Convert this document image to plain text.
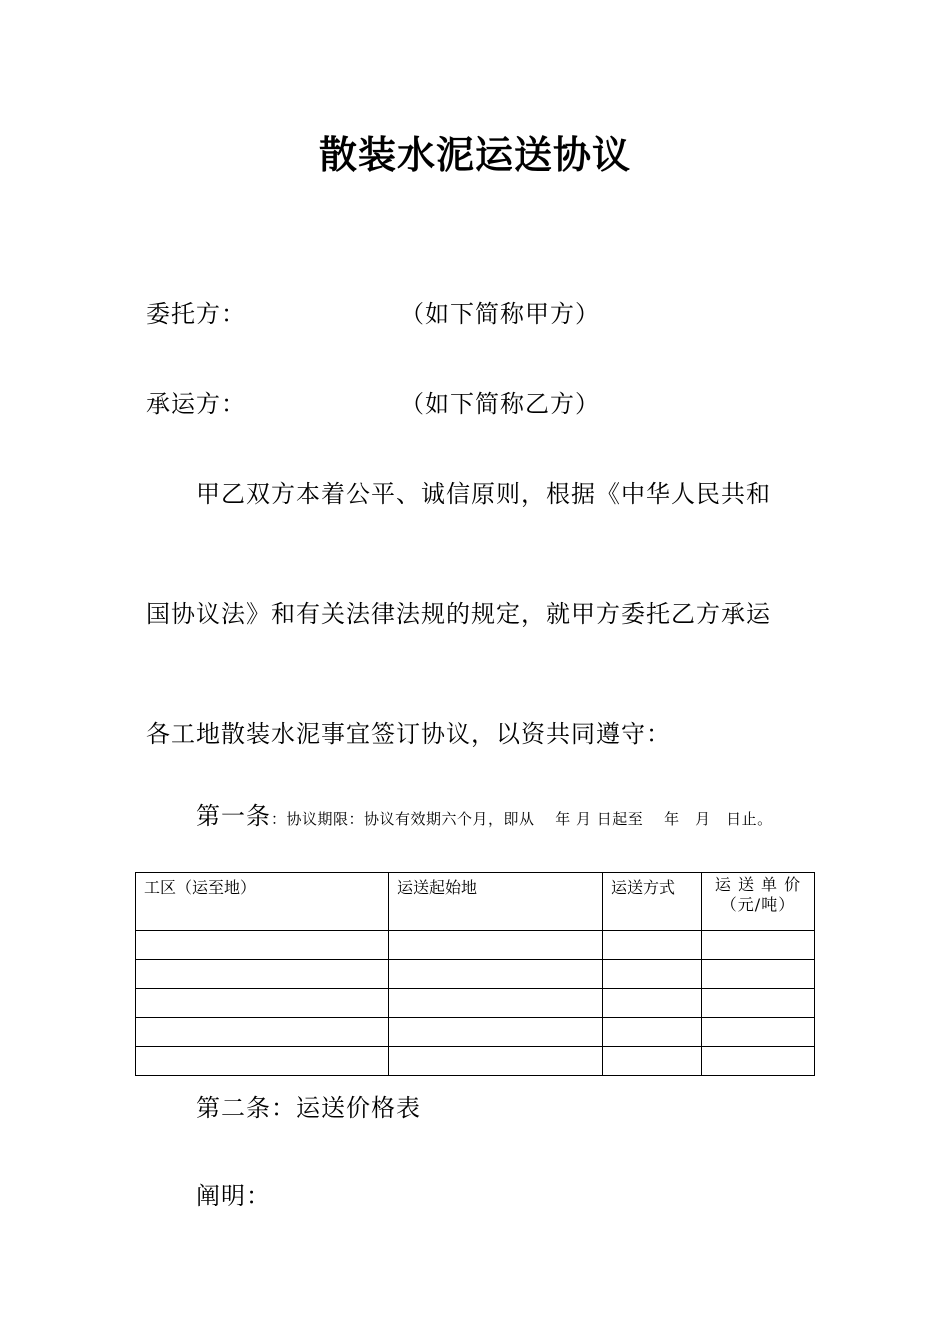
散装水泥运送协议
委托方：	（如下简称甲方）
承运方：	（如下简称乙方）
甲乙双方本着公平、诚信原则，根据《中华人民共和
国协议法》和有关法律法规的规定，就甲方委托乙方承运
各工地散装水泥事宜签订协议，以资共同遵守：
第一条：协议期限：协议有效期六个月，即从　 年 月 日起至　 年　月　日止。
工区（运至地）	运送起始地	运送方式	运 送 单 价（元/吨）

第二条：运送价格表
阐明：
